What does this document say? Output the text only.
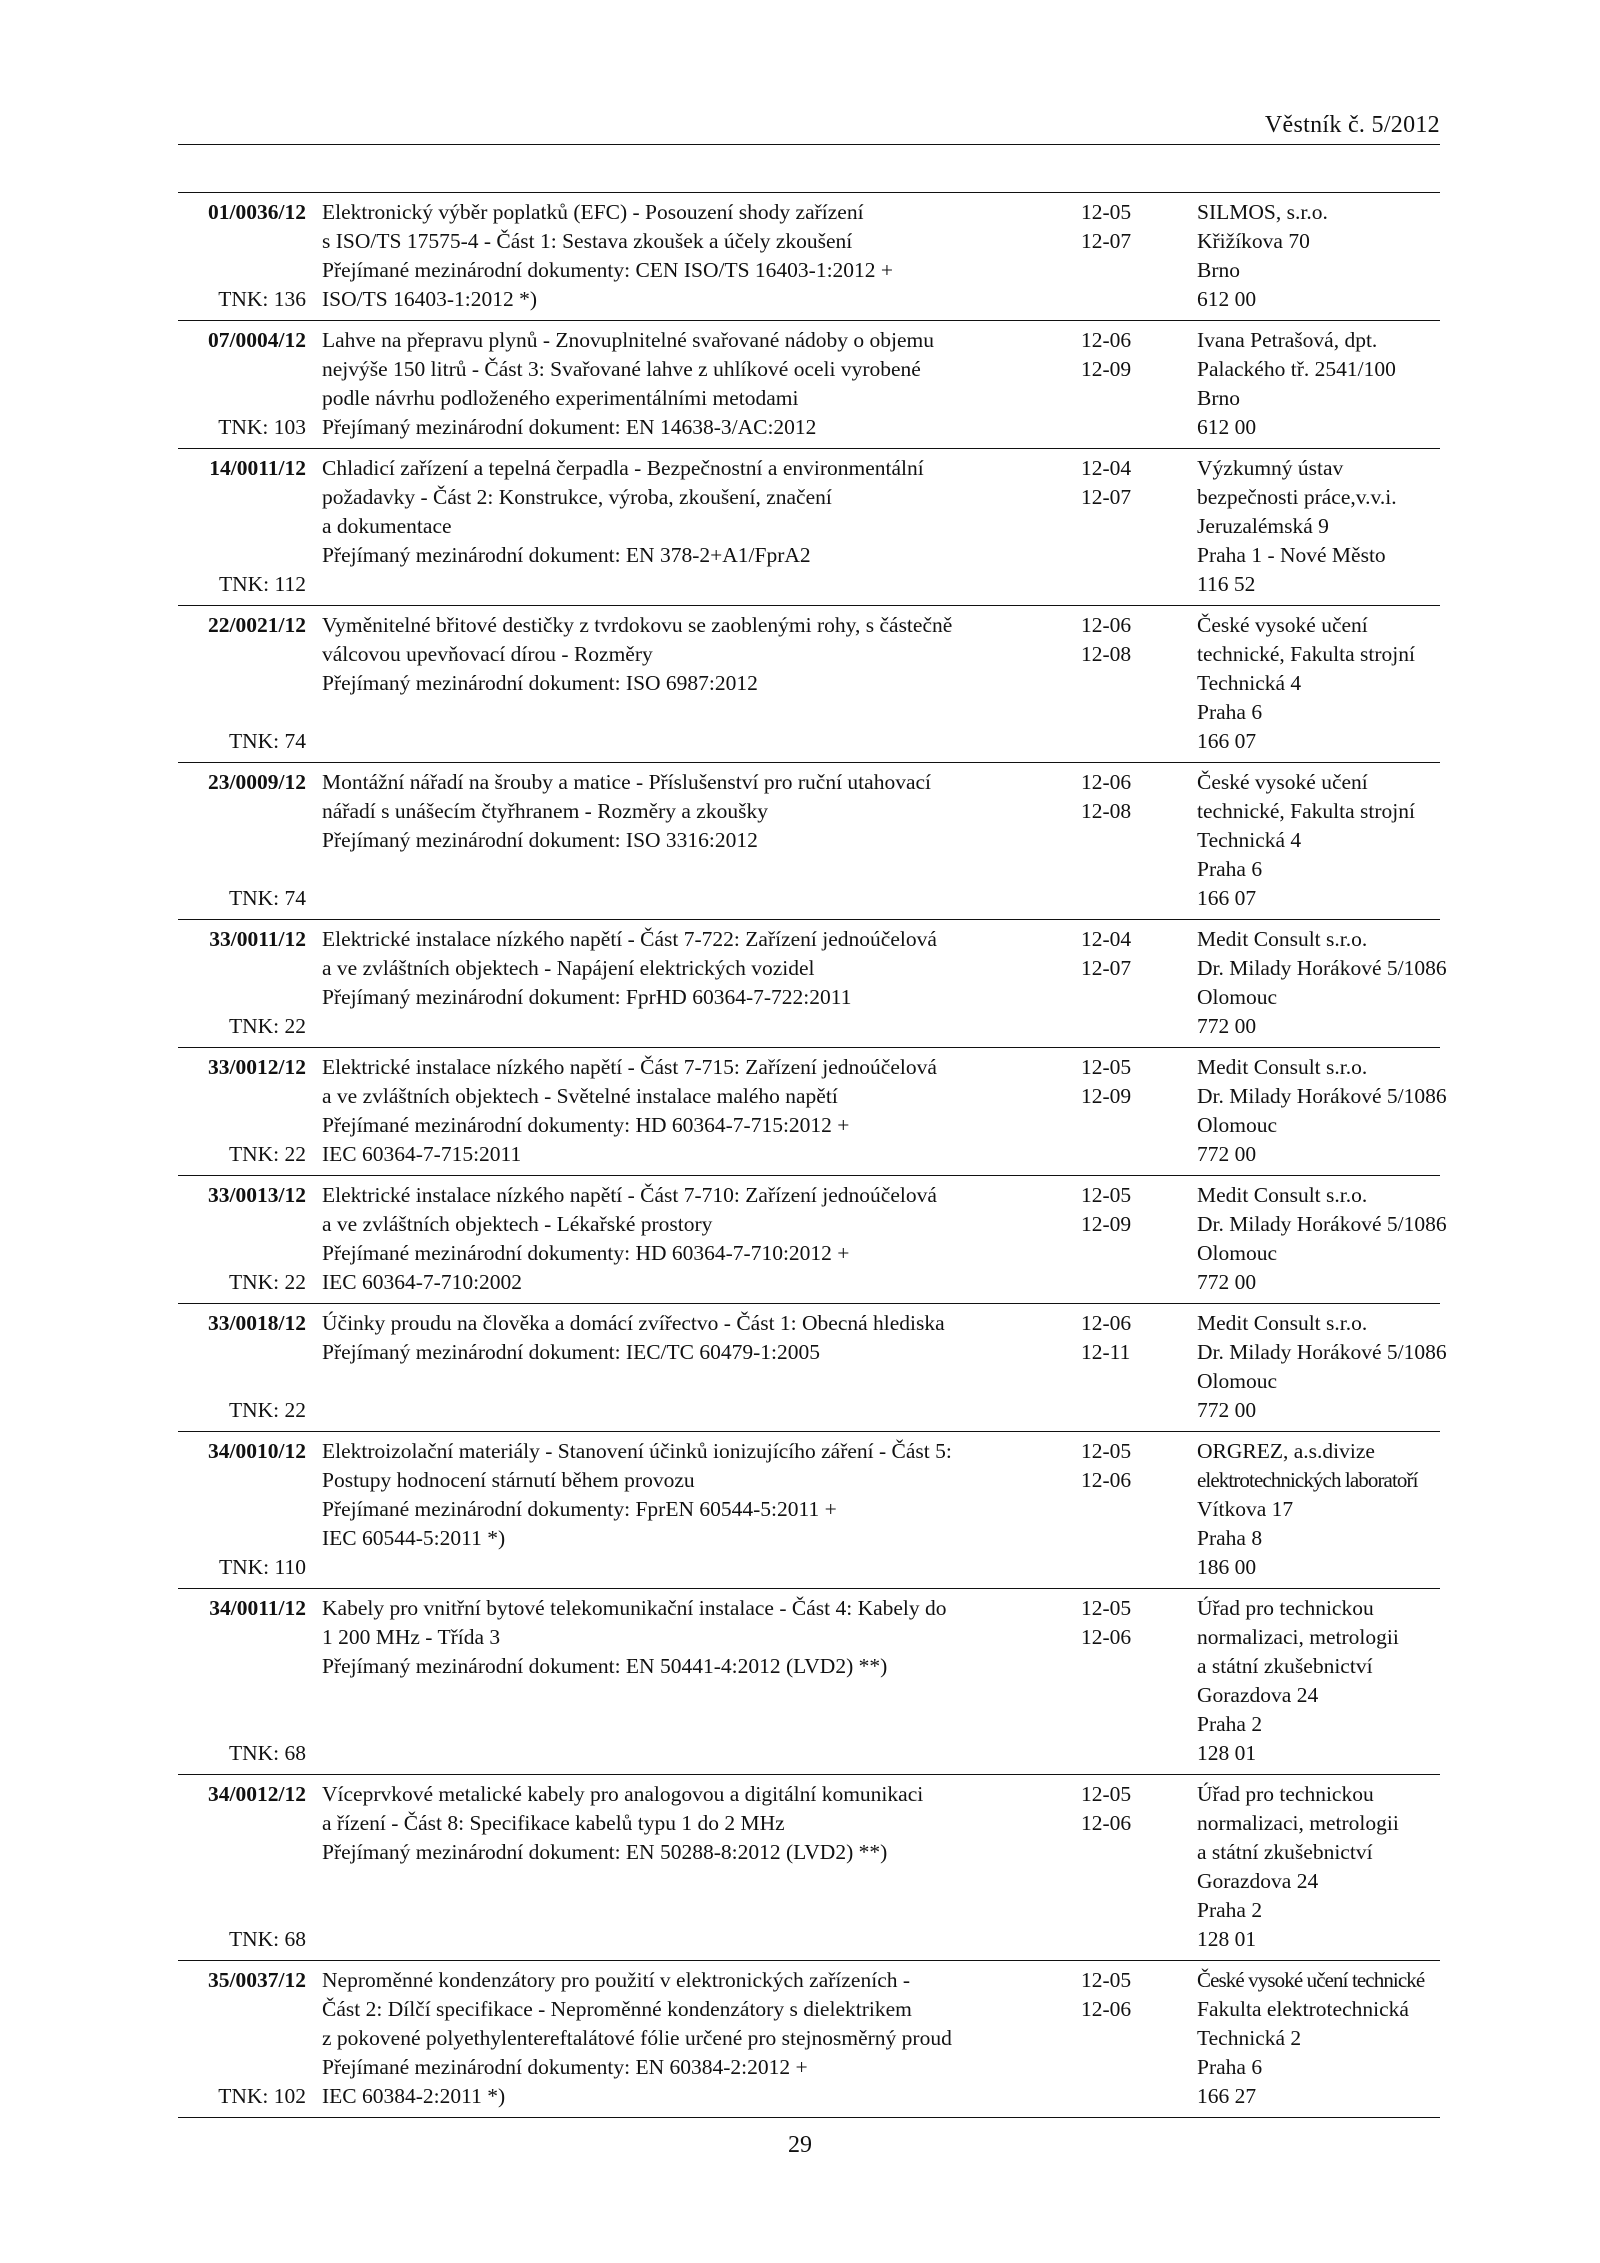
Věstník č. 5/2012
01/0036/12
TNK: 136
Elektronický výběr poplatků (EFC) - Posouzení shody zařízení
s ISO/TS 17575-4 - Část 1: Sestava zkoušek a účely zkoušení
Přejímané mezinárodní dokumenty: CEN ISO/TS 16403-1:2012 +
ISO/TS 16403-1:2012 *)
12-05
12-07
SILMOS, s.r.o.
Křižíkova 70
Brno
612 00
07/0004/12
TNK: 103
Lahve na přepravu plynů - Znovuplnitelné svařované nádoby o objemu
nejvýše 150 litrů - Část 3: Svařované lahve z uhlíkové oceli vyrobené
podle návrhu podloženého experimentálními metodami
Přejímaný mezinárodní dokument: EN 14638-3/AC:2012
12-06
12-09
Ivana Petrašová, dpt.
Palackého tř. 2541/100
Brno
612 00
14/0011/12
TNK: 112
Chladicí zařízení a tepelná čerpadla - Bezpečnostní a environmentální
požadavky - Část 2: Konstrukce, výroba, zkoušení, značení
a dokumentace
Přejímaný mezinárodní dokument: EN 378-2+A1/FprA2
12-04
12-07
Výzkumný ústav
bezpečnosti práce,v.v.i.
Jeruzalémská 9
Praha 1 - Nové Město
116 52
22/0021/12
TNK: 74
Vyměnitelné břitové destičky z tvrdokovu se zaoblenými rohy, s částečně
válcovou upevňovací dírou - Rozměry
Přejímaný mezinárodní dokument: ISO 6987:2012
12-06
12-08
České vysoké učení
technické, Fakulta strojní
Technická 4
Praha 6
166 07
23/0009/12
TNK: 74
Montážní nářadí na šrouby a matice - Příslušenství pro ruční utahovací
nářadí s unášecím čtyřhranem - Rozměry a zkoušky
Přejímaný mezinárodní dokument: ISO 3316:2012
12-06
12-08
České vysoké učení
technické, Fakulta strojní
Technická 4
Praha 6
166 07
33/0011/12
TNK: 22
Elektrické instalace nízkého napětí - Část 7-722: Zařízení jednoúčelová
a ve zvláštních objektech - Napájení elektrických vozidel
Přejímaný mezinárodní dokument: FprHD 60364-7-722:2011
12-04
12-07
Medit Consult s.r.o.
Dr. Milady Horákové 5/1086
Olomouc
772 00
33/0012/12
TNK: 22
Elektrické instalace nízkého napětí - Část 7-715: Zařízení jednoúčelová
a ve zvláštních objektech - Světelné instalace malého napětí
Přejímané mezinárodní dokumenty: HD 60364-7-715:2012 +
IEC 60364-7-715:2011
12-05
12-09
Medit Consult s.r.o.
Dr. Milady Horákové 5/1086
Olomouc
772 00
33/0013/12
TNK: 22
Elektrické instalace nízkého napětí - Část 7-710: Zařízení jednoúčelová
a ve zvláštních objektech - Lékařské prostory
Přejímané mezinárodní dokumenty: HD 60364-7-710:2012 +
IEC 60364-7-710:2002
12-05
12-09
Medit Consult s.r.o.
Dr. Milady Horákové 5/1086
Olomouc
772 00
33/0018/12
TNK: 22
Účinky proudu na člověka a domácí zvířectvo - Část 1: Obecná hlediska
Přejímaný mezinárodní dokument: IEC/TC 60479-1:2005
12-06
12-11
Medit Consult s.r.o.
Dr. Milady Horákové 5/1086
Olomouc
772 00
34/0010/12
TNK: 110
Elektroizolační materiály - Stanovení účinků ionizujícího záření - Část 5:
Postupy hodnocení stárnutí během provozu
Přejímané mezinárodní dokumenty: FprEN 60544-5:2011 +
IEC 60544-5:2011 *)
12-05
12-06
ORGREZ, a.s.divize
elektrotechnických laboratoří
Vítkova 17
Praha 8
186 00
34/0011/12
TNK: 68
Kabely pro vnitřní bytové telekomunikační instalace - Část 4: Kabely do
1 200 MHz - Třída 3
Přejímaný mezinárodní dokument: EN 50441-4:2012 (LVD2) **)
12-05
12-06
Úřad pro technickou
normalizaci, metrologii
a státní zkušebnictví
Gorazdova 24
Praha 2
128 01
34/0012/12
TNK: 68
Víceprvkové metalické kabely pro analogovou a digitální komunikaci
a řízení - Část 8: Specifikace kabelů typu 1 do 2 MHz
Přejímaný mezinárodní dokument: EN 50288-8:2012 (LVD2) **)
12-05
12-06
Úřad pro technickou
normalizaci, metrologii
a státní zkušebnictví
Gorazdova 24
Praha 2
128 01
35/0037/12
TNK: 102
Neproměnné kondenzátory pro použití v elektronických zařízeních -
Část 2: Dílčí specifikace - Neproměnné kondenzátory s dielektrikem
z pokovené polyethylentereftalátové fólie určené pro stejnosměrný proud
Přejímané mezinárodní dokumenty: EN 60384-2:2012 +
IEC 60384-2:2011 *)
12-05
12-06
České vysoké učení technické
Fakulta elektrotechnická
Technická 2
Praha 6
166 27
29
